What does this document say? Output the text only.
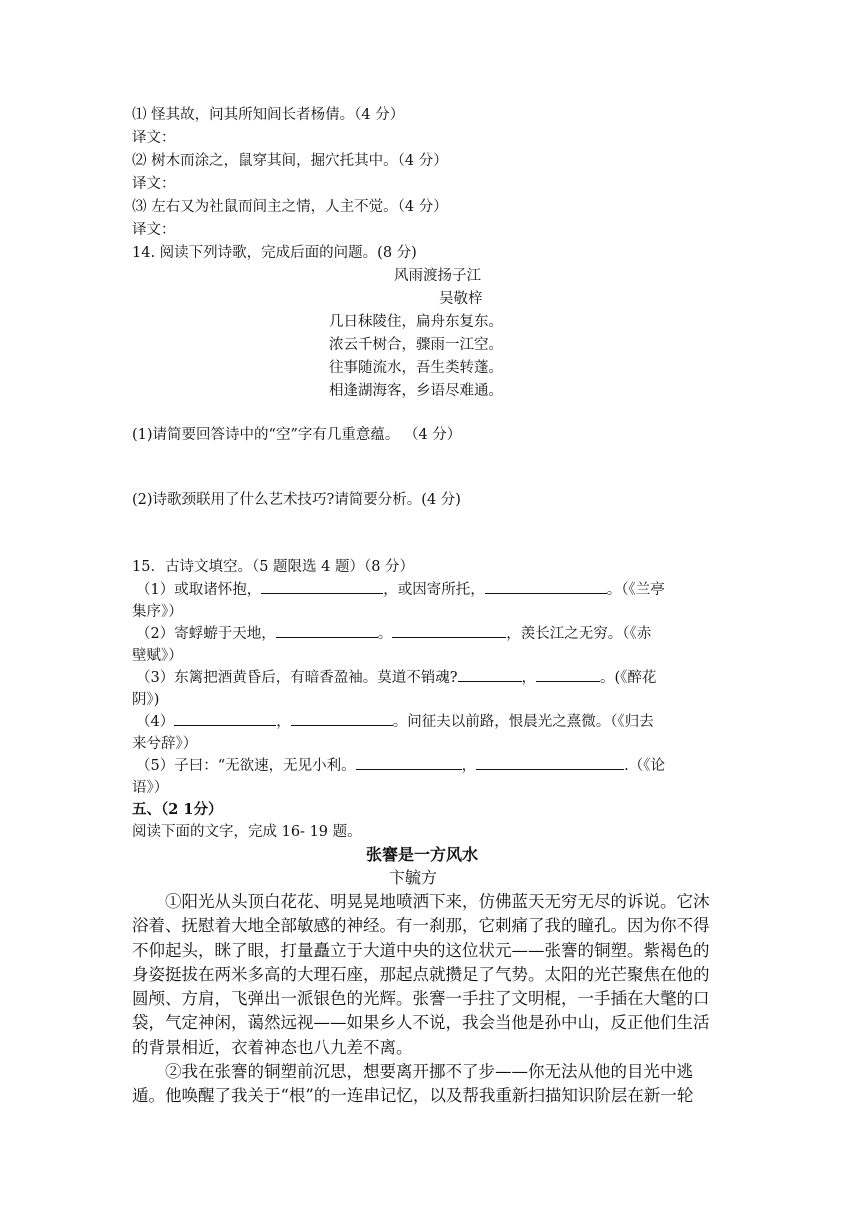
⑴ 怪其故，问其所知闾长者杨倩。（4 分）
译文：
⑵ 树木而涂之，鼠穿其间，掘穴托其中。（4 分）
译文：
⑶ 左右又为社鼠而间主之情，人主不觉。（4 分）
译文：
14. 阅读下列诗歌，完成后面的问题。(8 分)
风雨渡扬子江
吴敬梓
几日秣陵住，扁舟东复东。
浓云千树合，骤雨一江空。
往事随流水，吾生类转蓬。
相逢湖海客，乡语尽难通。
(1)请简要回答诗中的“空”字有几重意蕴。 （4 分）
(2)诗歌颈联用了什么艺术技巧?请简要分析。(4 分)
15．古诗文填空。（5 题限选 4 题）（8 分）
（1）或取诸怀抱，	，或因寄所托，	。（《兰亭
集序》）
（2）寄蜉蝣于天地，	。	，羡长江之无穷。（《赤
壁赋》）
（3）东篱把酒黄昏后，有暗香盈袖。莫道不销魂?	，	。(《醉花
阴》)
（4）	，	。问征夫以前路，恨晨光之熹微。（《归去
来兮辞》）
（5）子曰：“无欲速，无见小利。	，	.（《论
语》）
五、（2 1分）
阅读下面的文字，完成 16- 19 题。
张謇是一方风水
卞毓方
①阳光从头顶白花花、明晃晃地喷洒下来，仿佛蓝天无穷无尽的诉说。它沐
浴着、抚慰着大地全部敏感的神经。有一刹那，它刺痛了我的瞳孔。因为你不得
不仰起头，眯了眼，打量矗立于大道中央的这位状元——张謇的铜塑。紫褐色的
身姿挺拔在两米多高的大理石座，那起点就攒足了气势。太阳的光芒聚焦在他的
圆颅、方肩，飞弹出一派银色的光辉。张謇一手拄了文明棍，一手插在大氅的口
袋，气定神闲，蔼然远视——如果乡人不说，我会当他是孙中山，反正他们生活
的背景相近，衣着神态也八九差不离。
②我在张謇的铜塑前沉思，想要离开挪不了步——你无法从他的目光中逃
遁。他唤醒了我关于“根”的一连串记忆，以及帮我重新扫描知识阶层在新一轮
